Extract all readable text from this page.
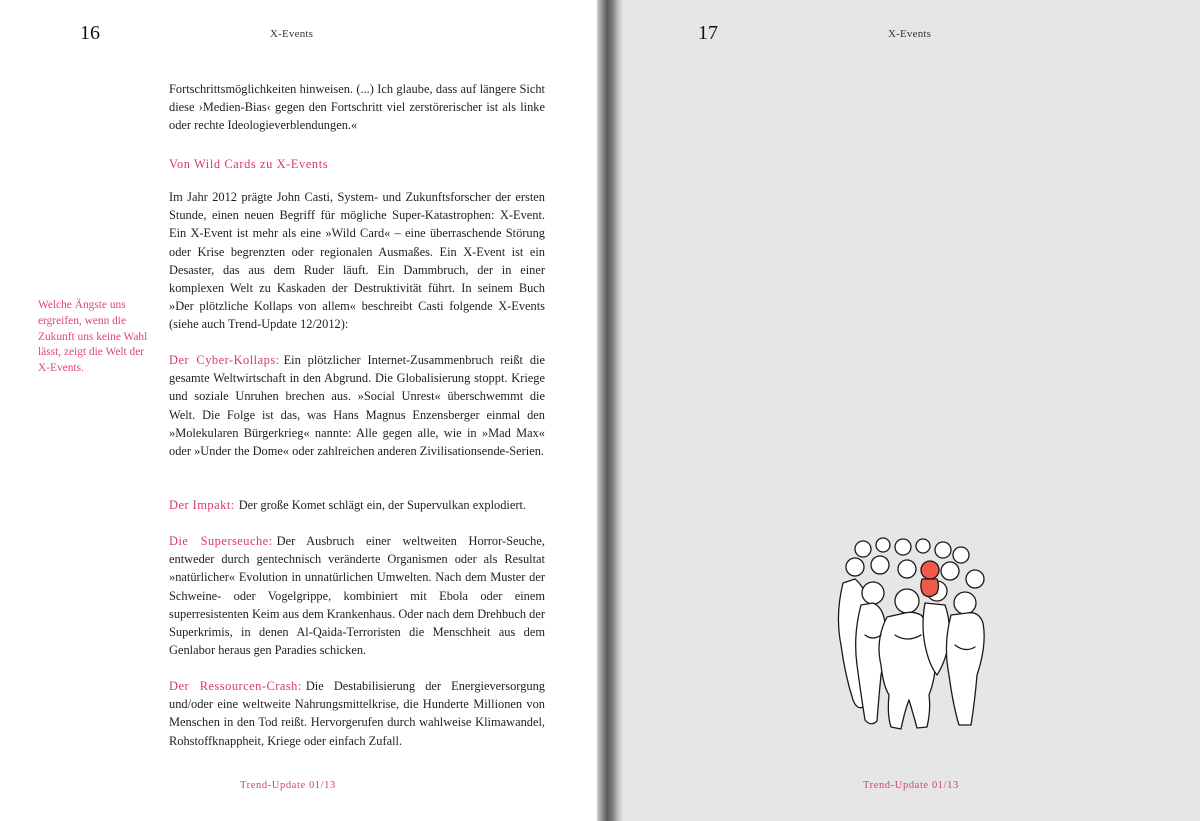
16	X-Events
Welche Ängste uns ergreifen, wenn die Zukunft uns keine Wahl lässt, zeigt die Welt der X-Events.

Fortschrittsmöglichkeiten hinweisen. (...) Ich glaube, dass auf längere Sicht diese ›Medien-Bias‹ gegen den Fortschritt viel zerstörerischer ist als linke oder rechte Ideologieverblendungen.«

Von Wild Cards zu X-Events

Im Jahr 2012 prägte John Casti, System- und Zukunftsforscher der ersten Stunde, einen neuen Begriff für mögliche Super-Katastrophen: X-Event. Ein X-Event ist mehr als eine »Wild Card« – eine überraschende Störung oder Krise begrenzten oder regionalen Ausmaßes. Ein X-Event ist ein Desaster, das aus dem Ruder läuft. Ein Dammbruch, der in einer komplexen Welt zu Kaskaden der Destruktivität führt. In seinem Buch »Der plötzliche Kollaps von allem« beschreibt Casti folgende X-Events (siehe auch Trend-Update 12/2012):

Der Cyber-Kollaps: Ein plötzlicher Internet-Zusammenbruch reißt die gesamte Weltwirtschaft in den Abgrund. Die Globalisierung stoppt. Kriege und soziale Unruhen brechen aus. »Social Unrest« überschwemmt die Welt. Die Folge ist das, was Hans Magnus Enzensberger einmal den »Molekularen Bürgerkrieg« nannte: Alle gegen alle, wie in »Mad Max« oder »Under the Dome« oder zahlreichen anderen Zivilisationsende-Serien.

Der Impakt: Der große Komet schlägt ein, der Supervulkan explodiert.

Die Superseuche: Der Ausbruch einer weltweiten Horror-Seuche, entweder durch gentechnisch veränderte Organismen oder als Resultat »natürlicher« Evolution in unnatürlichen Umwelten. Nach dem Muster der Schweine- oder Vogelgrippe, kombiniert mit Ebola oder einem superresistenten Keim aus dem Krankenhaus. Oder nach dem Drehbuch der Superkrimis, in denen Al-Qaida-Terroristen die Menschheit aus dem Genlabor heraus gen Paradies schicken.

Der Ressourcen-Crash: Die Destabilisierung der Energieversorgung und/oder eine weltweite Nahrungsmittelkrise, die Hunderte Millionen von Menschen in den Tod reißt. Hervorgerufen durch wahlweise Klimawandel, Rohstoffknappheit, Kriege oder einfach Zufall.

Trend-Update 01/13
17	X-Events
Trend-Update 01/13
